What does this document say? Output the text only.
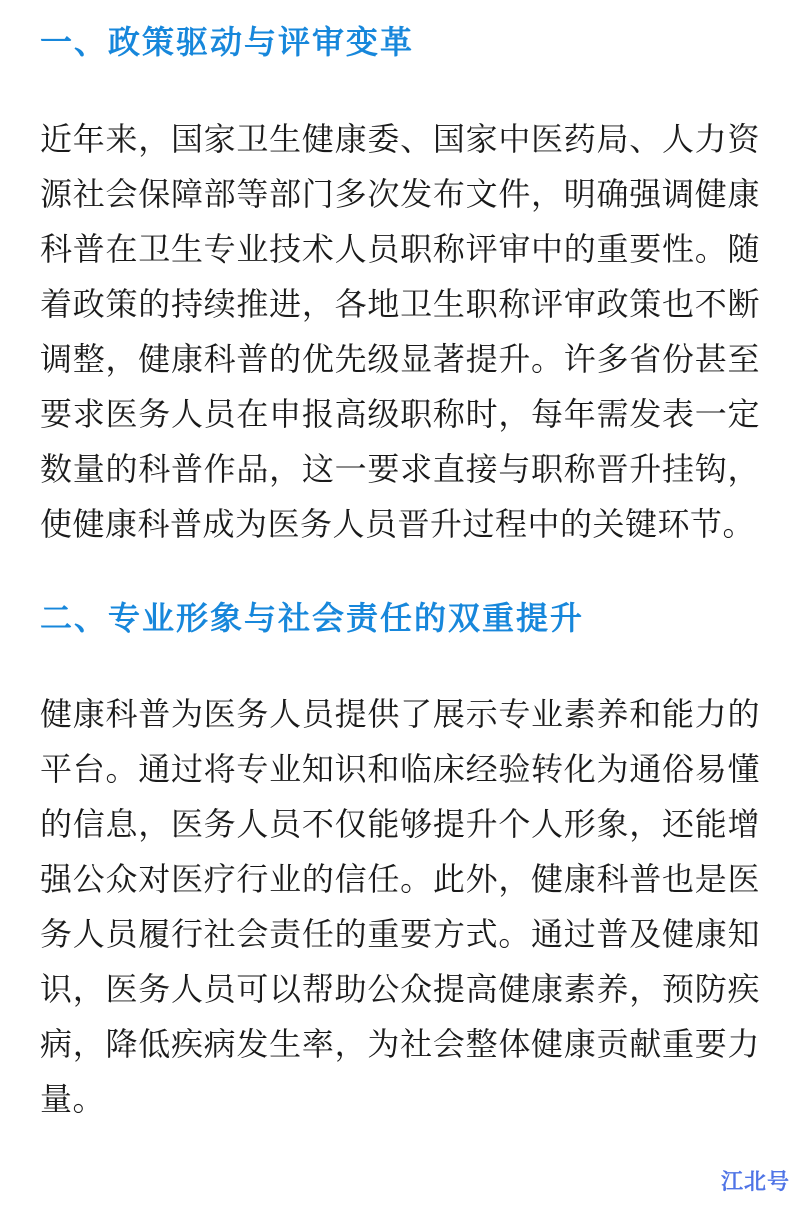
一、政策驱动与评审变革

近年来，国家卫生健康委、国家中医药局、人力资源社会保障部等部门多次发布文件，明确强调健康科普在卫生专业技术人员职称评审中的重要性。随着政策的持续推进，各地卫生职称评审政策也不断调整，健康科普的优先级显著提升。许多省份甚至要求医务人员在申报高级职称时，每年需发表一定数量的科普作品，这一要求直接与职称晋升挂钩，使健康科普成为医务人员晋升过程中的关键环节。

二、专业形象与社会责任的双重提升

健康科普为医务人员提供了展示专业素养和能力的平台。通过将专业知识和临床经验转化为通俗易懂的信息，医务人员不仅能够提升个人形象，还能增强公众对医疗行业的信任。此外，健康科普也是医务人员履行社会责任的重要方式。通过普及健康知识，医务人员可以帮助公众提高健康素养，预防疾病，降低疾病发生率，为社会整体健康贡献重要力量。

江北号
